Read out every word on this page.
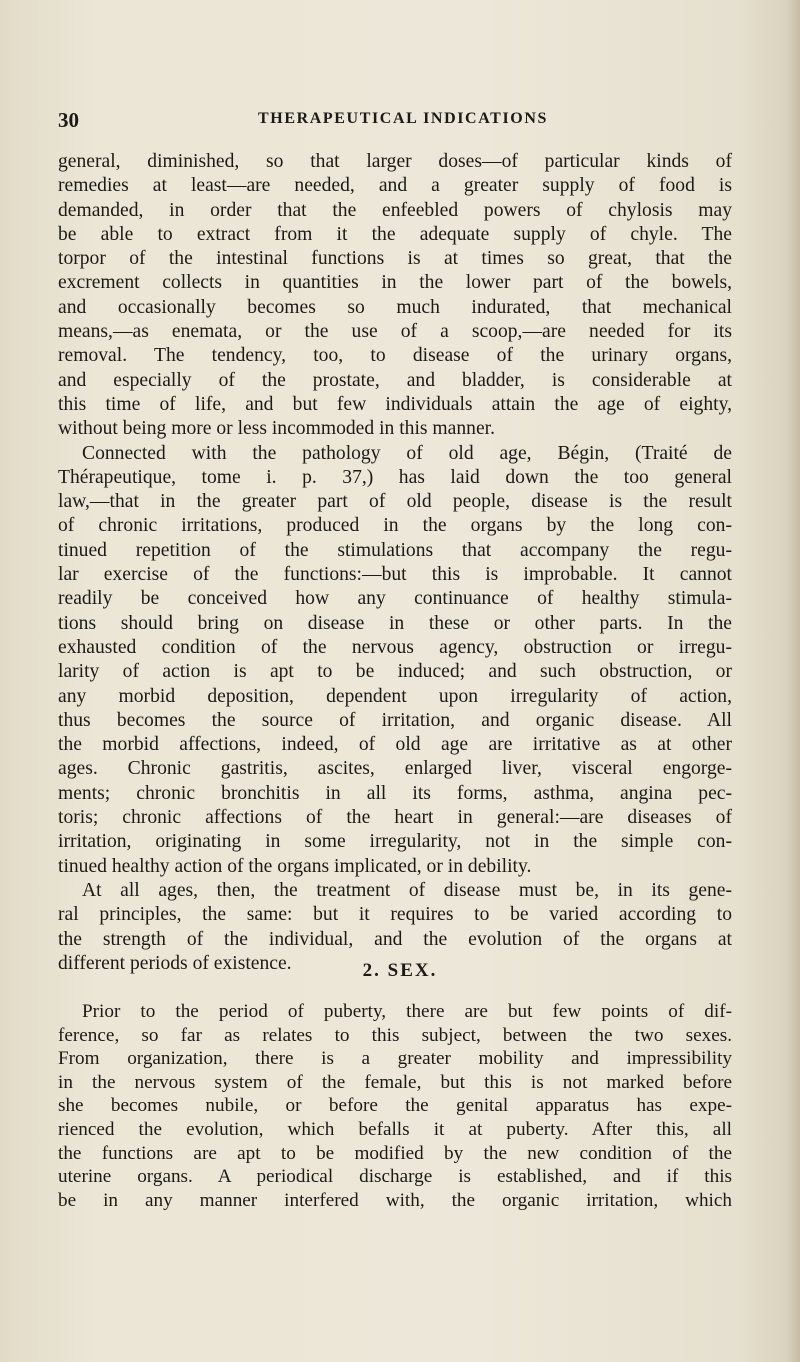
30	THERAPEUTICAL INDICATIONS
general, diminished, so that larger doses—of particular kinds of
remedies at least—are needed, and a greater supply of food is
demanded, in order that the enfeebled powers of chylosis may
be able to extract from it the adequate supply of chyle. The
torpor of the intestinal functions is at times so great, that the
excrement collects in quantities in the lower part of the bowels,
and occasionally becomes so much indurated, that mechanical
means,—as enemata, or the use of a scoop,—are needed for its
removal. The tendency, too, to disease of the urinary organs,
and especially of the prostate, and bladder, is considerable at
this time of life, and but few individuals attain the age of eighty,
without being more or less incommoded in this manner.
Connected with the pathology of old age, Bégin, (Traité de
Thérapeutique, tome i. p. 37,) has laid down the too general
law,—that in the greater part of old people, disease is the result
of chronic irritations, produced in the organs by the long con-
tinued repetition of the stimulations that accompany the regu-
lar exercise of the functions:—but this is improbable. It cannot
readily be conceived how any continuance of healthy stimula-
tions should bring on disease in these or other parts. In the
exhausted condition of the nervous agency, obstruction or irregu-
larity of action is apt to be induced; and such obstruction, or
any morbid deposition, dependent upon irregularity of action,
thus becomes the source of irritation, and organic disease. All
the morbid affections, indeed, of old age are irritative as at other
ages. Chronic gastritis, ascites, enlarged liver, visceral engorge-
ments; chronic bronchitis in all its forms, asthma, angina pec-
toris; chronic affections of the heart in general:—are diseases of
irritation, originating in some irregularity, not in the simple con-
tinued healthy action of the organs implicated, or in debility.
At all ages, then, the treatment of disease must be, in its gene-
ral principles, the same: but it requires to be varied according to
the strength of the individual, and the evolution of the organs at
different periods of existence.	2. SEX.
Prior to the period of puberty, there are but few points of dif-
ference, so far as relates to this subject, between the two sexes.
From organization, there is a greater mobility and impressibility
in the nervous system of the female, but this is not marked before
she becomes nubile, or before the genital apparatus has expe-
rienced the evolution, which befalls it at puberty. After this, all
the functions are apt to be modified by the new condition of the
uterine organs. A periodical discharge is established, and if this
be in any manner interfered with, the organic irritation, which
